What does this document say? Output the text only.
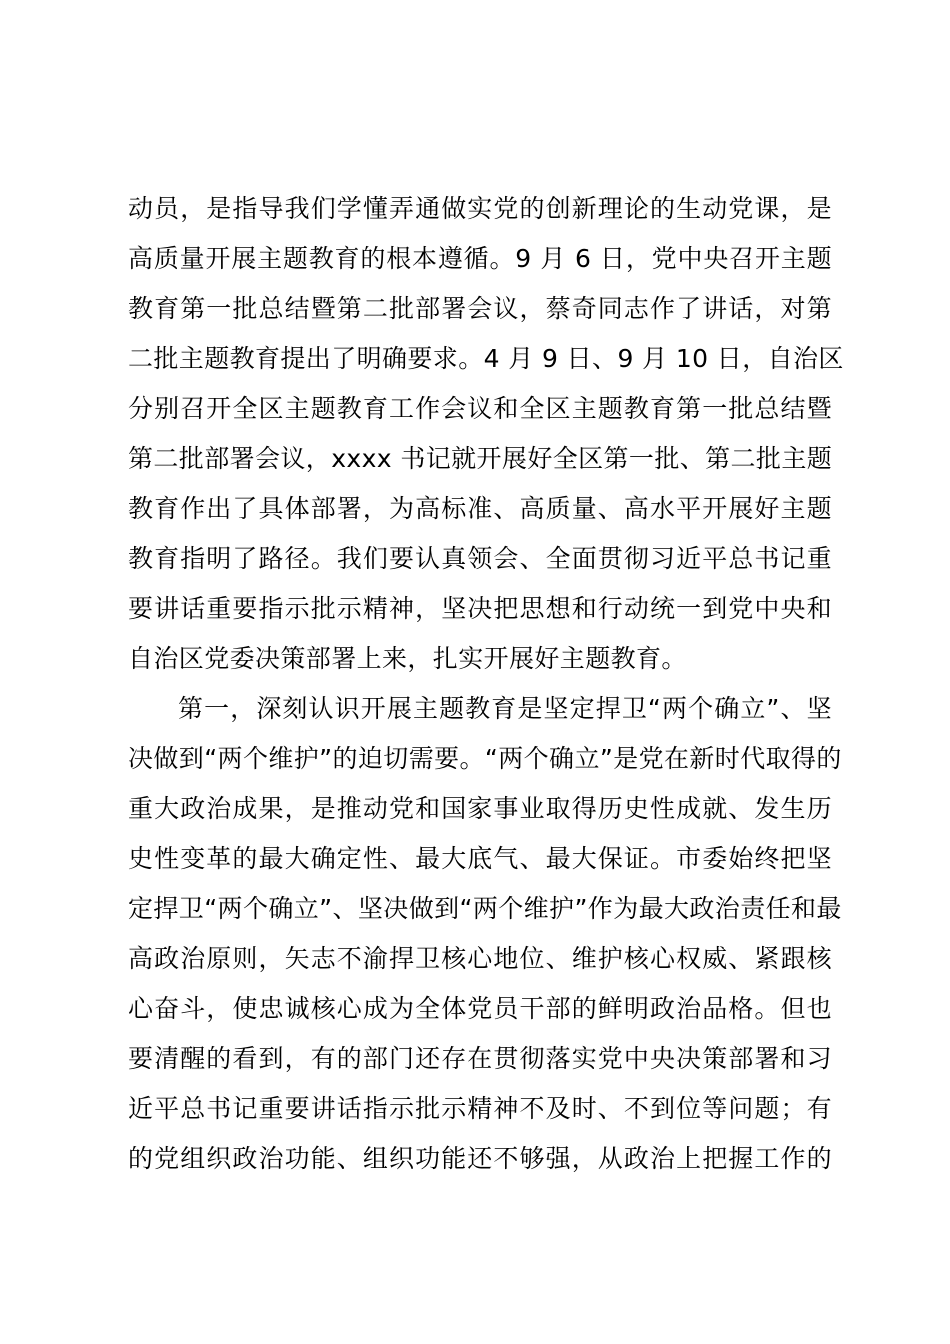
动员，是指导我们学懂弄通做实党的创新理论的生动党课，是
高质量开展主题教育的根本遵循。9 月 6 日，党中央召开主题
教育第一批总结暨第二批部署会议，蔡奇同志作了讲话，对第
二批主题教育提出了明确要求。4 月 9 日、9 月 10 日，自治区
分别召开全区主题教育工作会议和全区主题教育第一批总结暨
第二批部署会议，xxxx 书记就开展好全区第一批、第二批主题
教育作出了具体部署，为高标准、高质量、高水平开展好主题
教育指明了路径。我们要认真领会、全面贯彻习近平总书记重
要讲话重要指示批示精神，坚决把思想和行动统一到党中央和
自治区党委决策部署上来，扎实开展好主题教育。
第一，深刻认识开展主题教育是坚定捍卫“两个确立”、坚
决做到“两个维护”的迫切需要。“两个确立”是党在新时代取得的
重大政治成果，是推动党和国家事业取得历史性成就、发生历
史性变革的最大确定性、最大底气、最大保证。市委始终把坚
定捍卫“两个确立”、坚决做到“两个维护”作为最大政治责任和最
高政治原则，矢志不渝捍卫核心地位、维护核心权威、紧跟核
心奋斗，使忠诚核心成为全体党员干部的鲜明政治品格。但也
要清醒的看到，有的部门还存在贯彻落实党中央决策部署和习
近平总书记重要讲话指示批示精神不及时、不到位等问题；有
的党组织政治功能、组织功能还不够强，从政治上把握工作的
